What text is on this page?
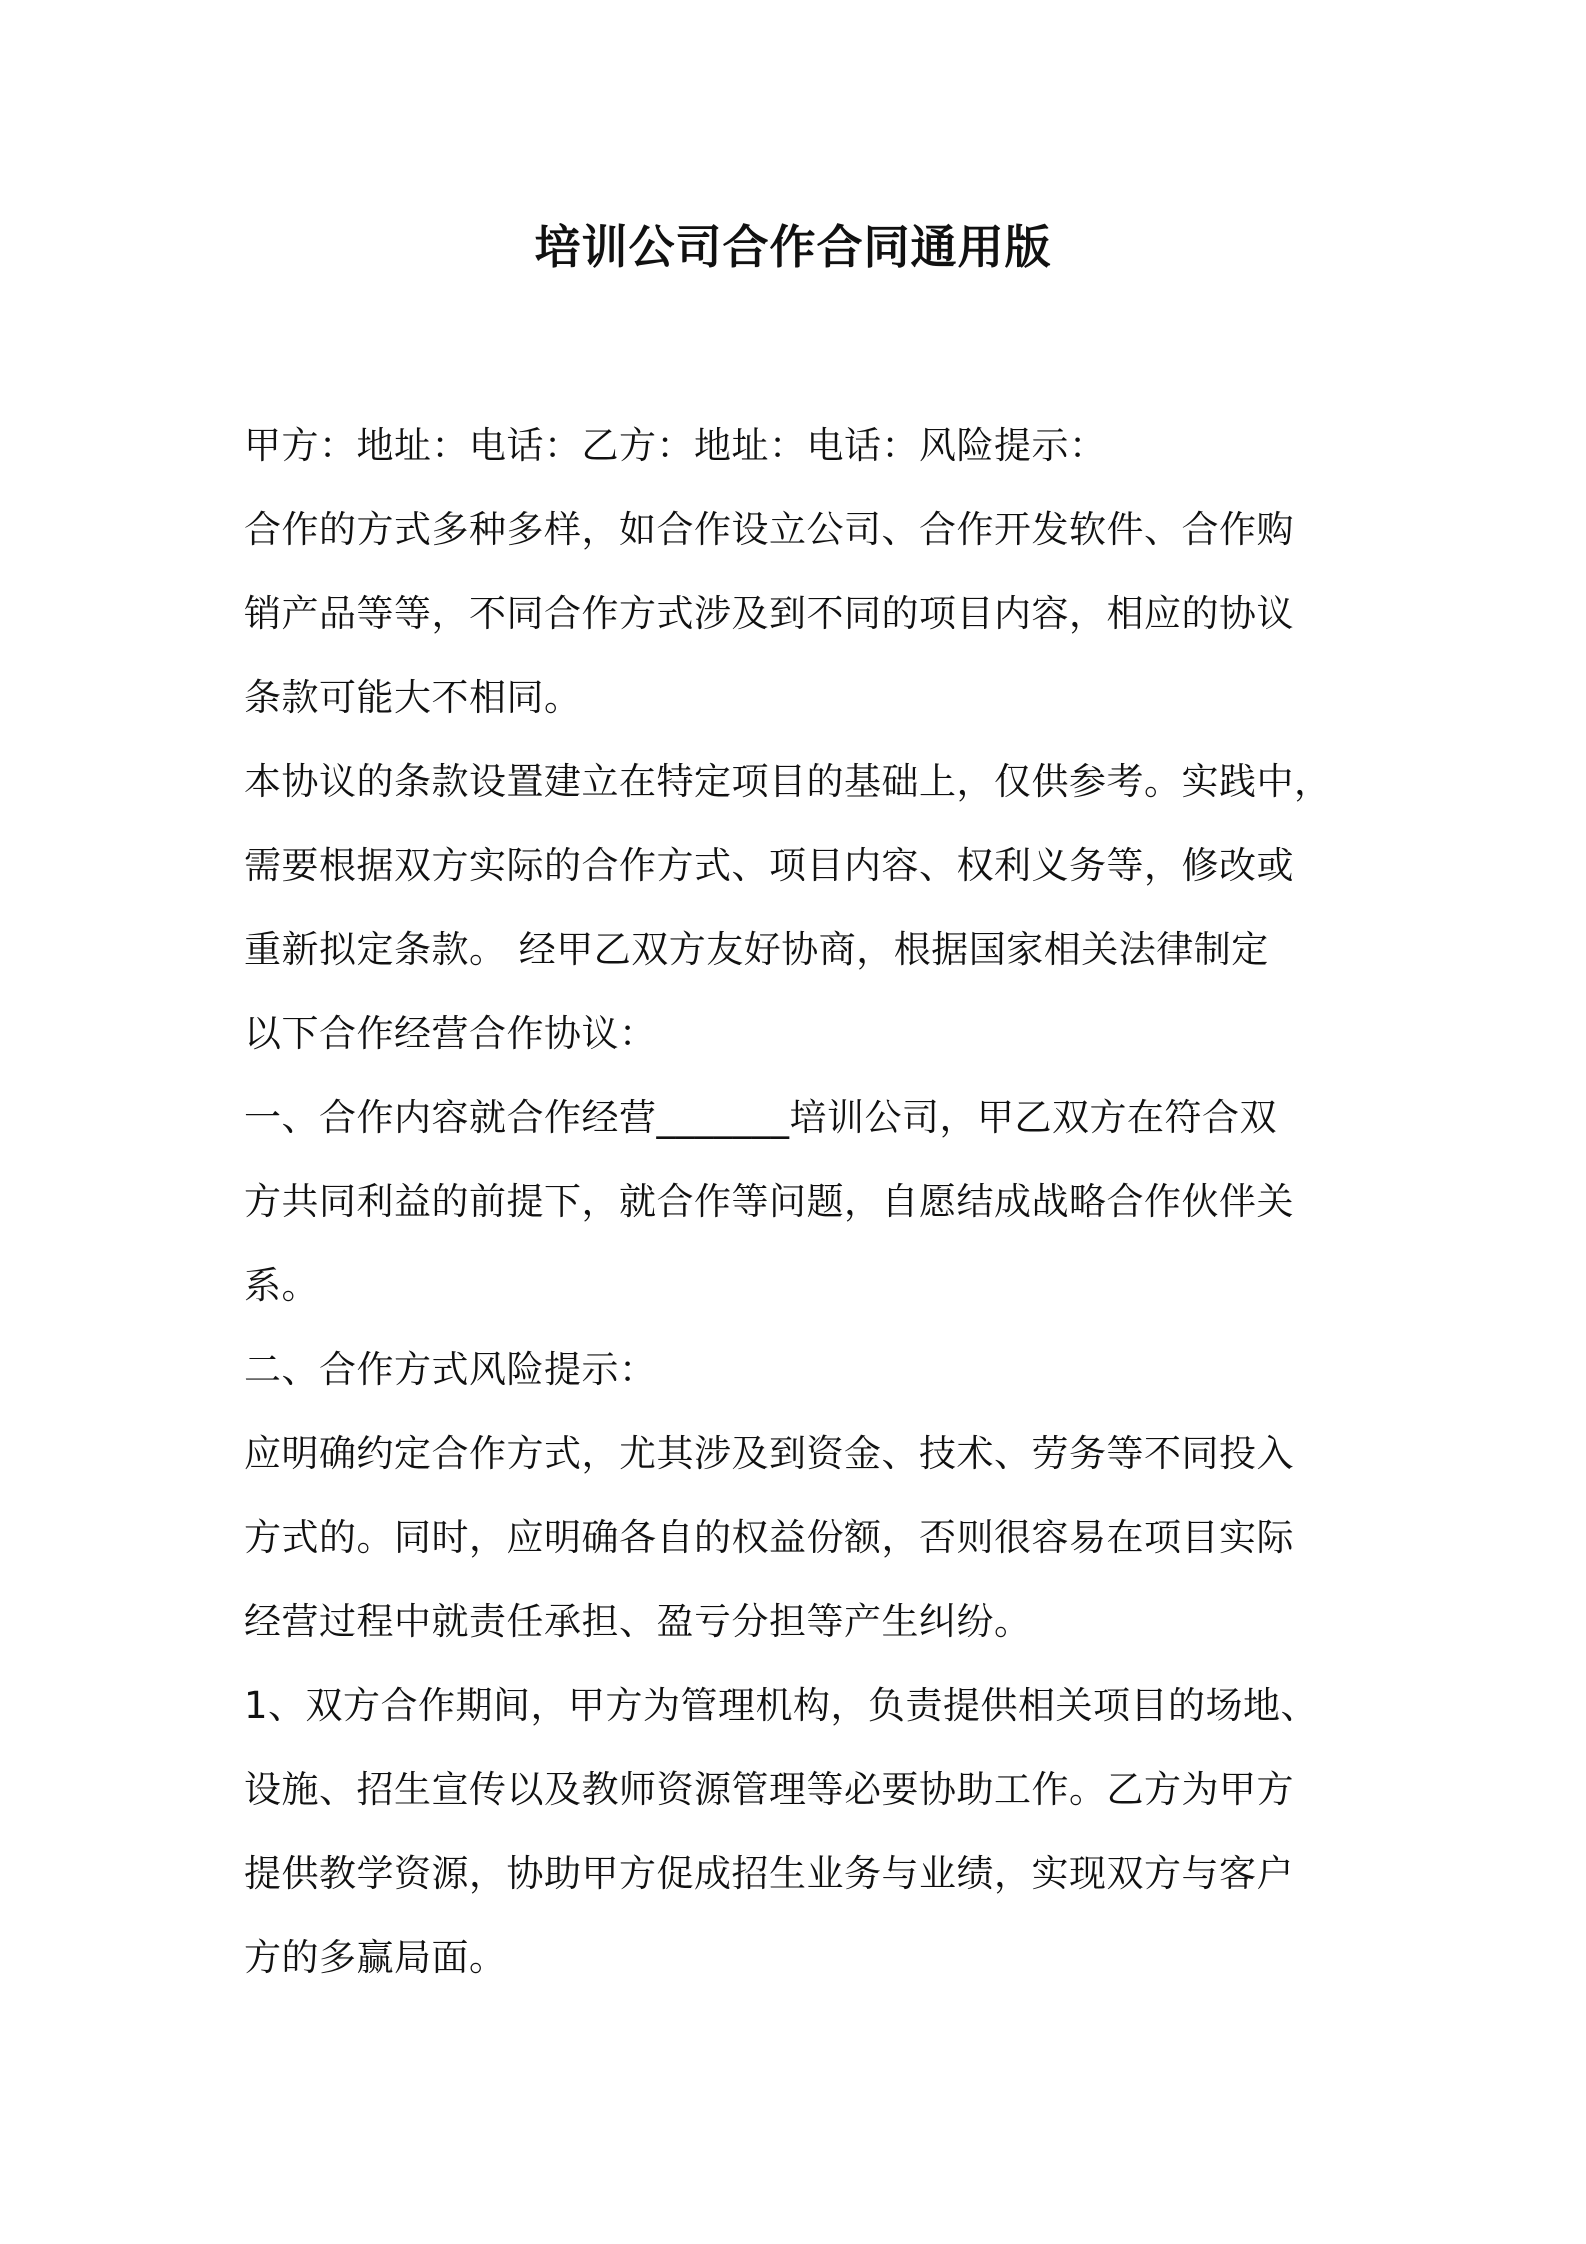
培训公司合作合同通用版
甲方：地址：电话：乙方：地址：电话：风险提示：
合作的方式多种多样，如合作设立公司、合作开发软件、合作购
销产品等等，不同合作方式涉及到不同的项目内容，相应的协议
条款可能大不相同。
本协议的条款设置建立在特定项目的基础上，仅供参考。实践中，
需要根据双方实际的合作方式、项目内容、权利义务等，修改或
重新拟定条款。 经甲乙双方友好协商，根据国家相关法律制定
以下合作经营合作协议：
一、合作内容就合作经营_______培训公司，甲乙双方在符合双
方共同利益的前提下，就合作等问题，自愿结成战略合作伙伴关
系。
二、合作方式风险提示：
应明确约定合作方式，尤其涉及到资金、技术、劳务等不同投入
方式的。同时，应明确各自的权益份额，否则很容易在项目实际
经营过程中就责任承担、盈亏分担等产生纠纷。
1、双方合作期间，甲方为管理机构，负责提供相关项目的场地、
设施、招生宣传以及教师资源管理等必要协助工作。乙方为甲方
提供教学资源，协助甲方促成招生业务与业绩，实现双方与客户
方的多赢局面。
